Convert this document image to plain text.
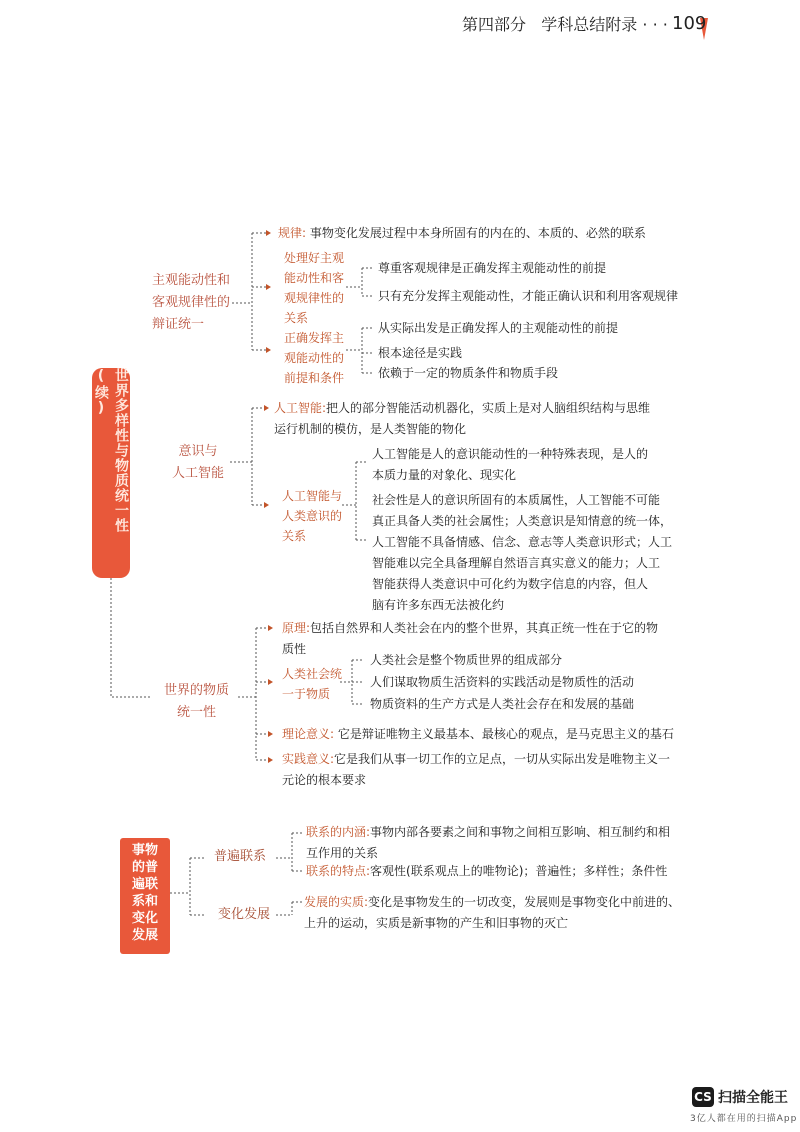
第四部分 学科总结附录 · · · 109
世界多样性与物质统一性(续)
主观能动性和
客观规律性的
辩证统一
规律: 事物变化发展过程中本身所固有的内在的、本质的、必然的联系
处理好主观
能动性和客
观规律性的
关系
尊重客观规律是正确发挥主观能动性的前提
只有充分发挥主观能动性，才能正确认识和利用客观规律
正确发挥主
观能动性的
前提和条件
从实际出发是正确发挥人的主观能动性的前提
根本途径是实践
依赖于一定的物质条件和物质手段
意识与
人工智能
人工智能:把人的部分智能活动机器化，实质上是对人脑组织结构与思维
运行机制的模仿，是人类智能的物化
人工智能与
人类意识的
关系
人工智能是人的意识能动性的一种特殊表现，是人的
本质力量的对象化、现实化
社会性是人的意识所固有的本质属性，人工智能不可能
真正具备人类的社会属性；人类意识是知情意的统一体，
人工智能不具备情感、信念、意志等人类意识形式；人工
智能难以完全具备理解自然语言真实意义的能力；人工
智能获得人类意识中可化约为数字信息的内容，但人
脑有许多东西无法被化约
世界的物质
统一性
原理:包括自然界和人类社会在内的整个世界，其真正统一性在于它的物
质性
人类社会统
一于物质
人类社会是整个物质世界的组成部分
人们谋取物质生活资料的实践活动是物质性的活动
物质资料的生产方式是人类社会存在和发展的基础
理论意义: 它是辩证唯物主义最基本、最核心的观点，是马克思主义的基石
实践意义:它是我们从事一切工作的立足点，一切从实际出发是唯物主义一
元论的根本要求
事物
的普
遍联
系和
变化
发展
普遍联系
联系的内涵:事物内部各要素之间和事物之间相互影响、相互制约和相
互作用的关系
联系的特点:客观性(联系观点上的唯物论)；普遍性；多样性；条件性
变化发展
发展的实质:变化是事物发生的一切改变，发展则是事物变化中前进的、
上升的运动，实质是新事物的产生和旧事物的灭亡
CS 扫描全能王
3亿人都在用的扫描App
